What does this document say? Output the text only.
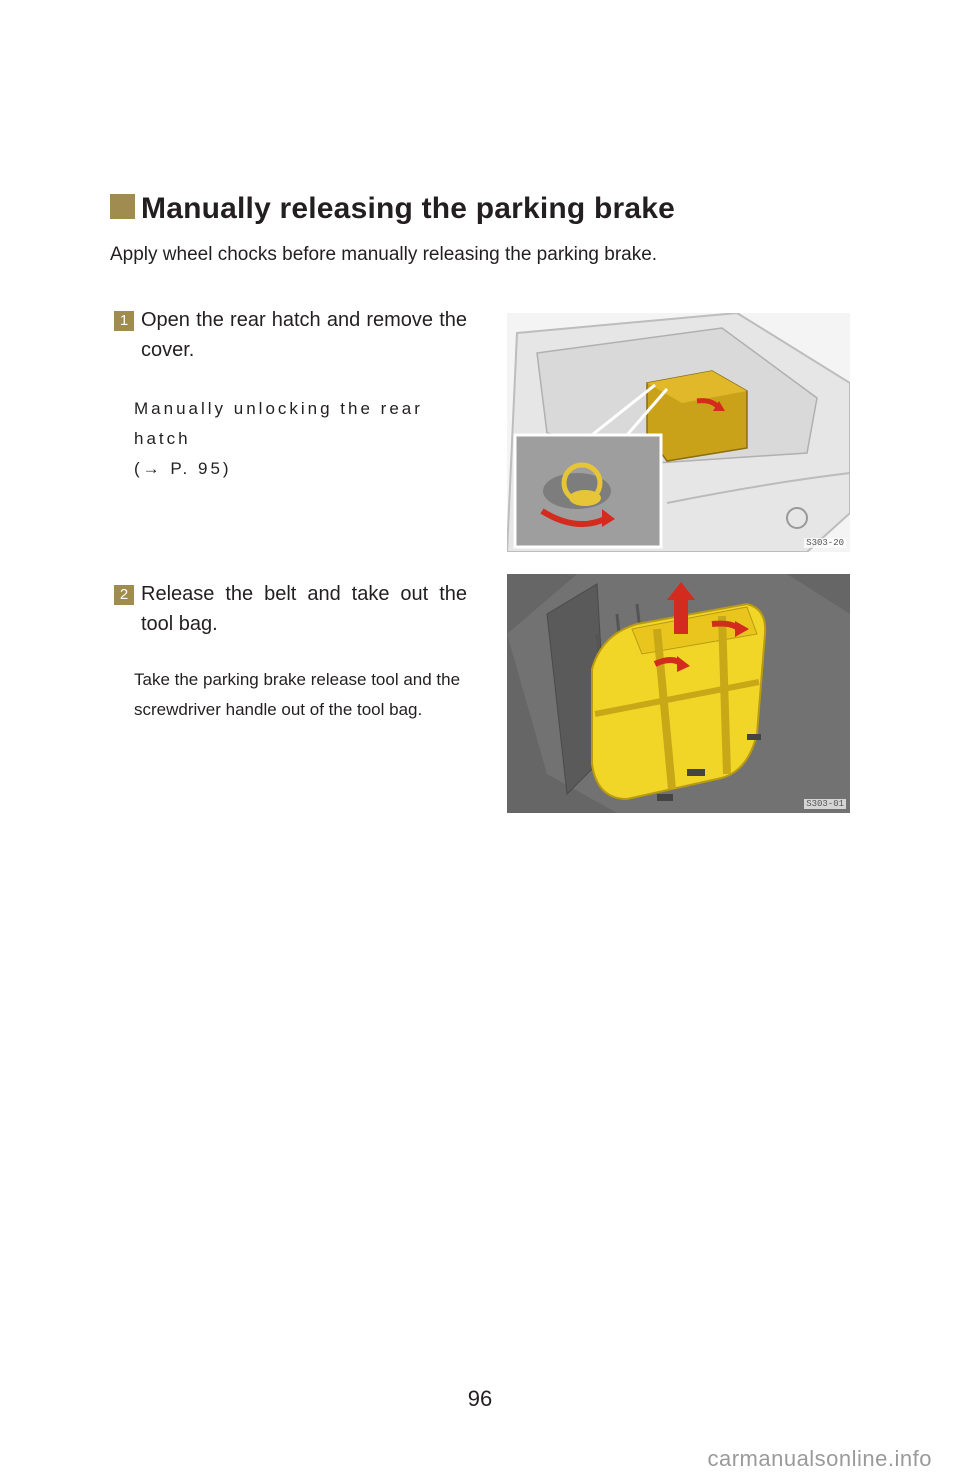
Manually releasing the parking brake
Apply wheel chocks before manually releasing the parking brake.
1 Open the rear hatch and remove the cover.
Manually unlocking the rear hatch
(→ P. 95)
S303-20
2 Release the belt and take out the tool bag.
Take the parking brake release tool and the screwdriver handle out of the tool bag.
S303-01
96
carmanualsonline.info
